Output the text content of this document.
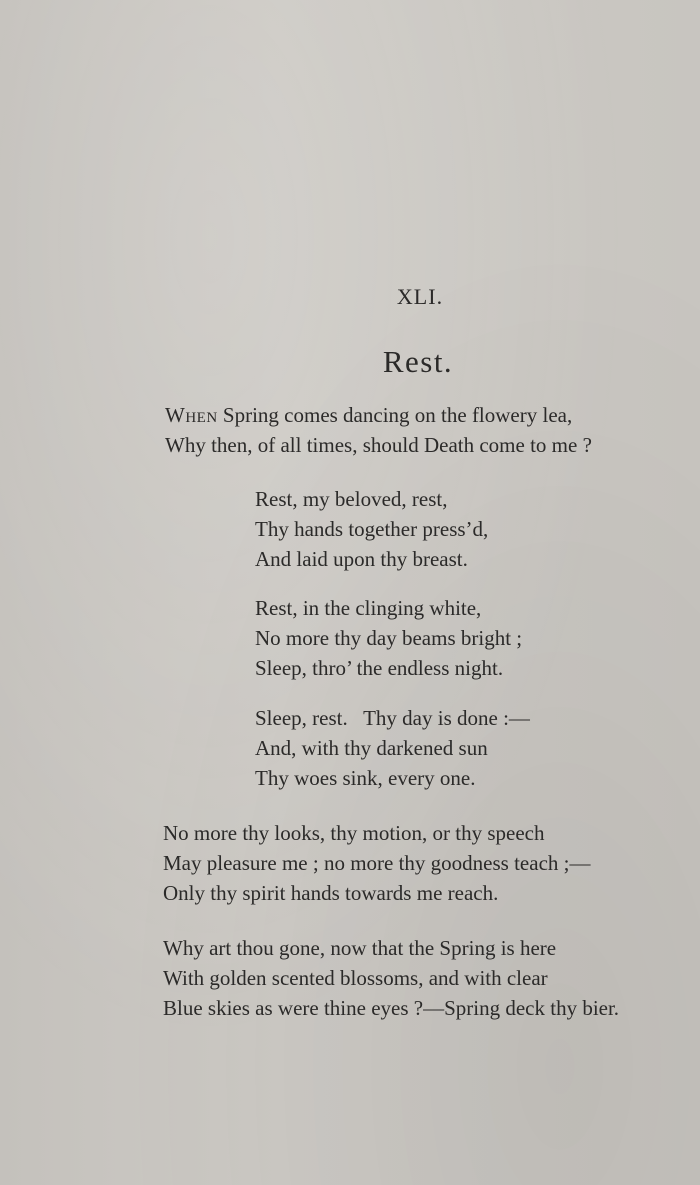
XLI.
Rest.
When Spring comes dancing on the flowery lea,
Why then, of all times, should Death come to me ?
Rest, my beloved, rest,
Thy hands together press’d,
And laid upon thy breast.
Rest, in the clinging white,
No more thy day beams bright ;
Sleep, thro’ the endless night.
Sleep, rest.   Thy day is done :—
And, with thy darkened sun
Thy woes sink, every one.
No more thy looks, thy motion, or thy speech
May pleasure me ; no more thy goodness teach ;—
Only thy spirit hands towards me reach.
Why art thou gone, now that the Spring is here
With golden scented blossoms, and with clear
Blue skies as were thine eyes ?—Spring deck thy bier.
